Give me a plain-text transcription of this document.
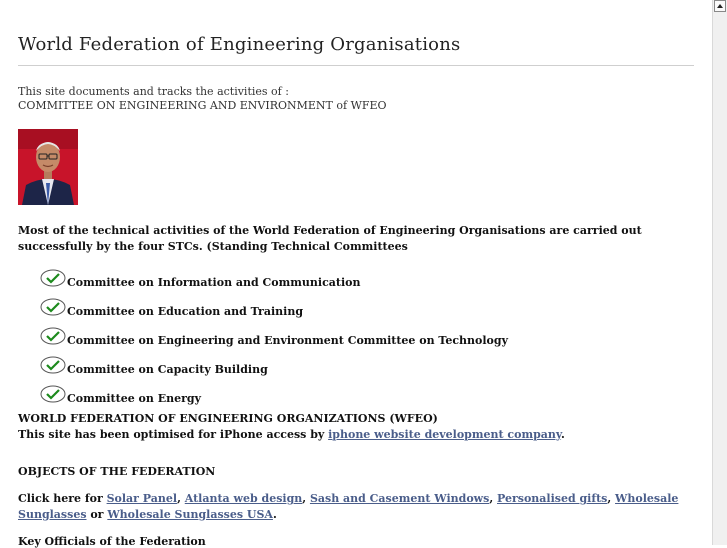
World Federation of Engineering Organisations
This site documents and tracks the activities of :
COMMITTEE ON ENGINEERING AND ENVIRONMENT of WFEO
Most of the technical activities of the World Federation of Engineering Organisations are carried out successfully by the four STCs. (Standing Technical Committees
Committee on Information and Communication
Committee on Education and Training
Committee on Engineering and Environment Committee on Technology
Committee on Capacity Building
Committee on Energy
WORLD FEDERATION OF ENGINEERING ORGANIZATIONS (WFEO)
This site has been optimised for iPhone access by iphone website development company.
OBJECTS OF THE FEDERATION
Click here for Solar Panel, Atlanta web design, Sash and Casement Windows, Personalised gifts, Wholesale Sunglasses or Wholesale Sunglasses USA.
Key Officials of the Federation
